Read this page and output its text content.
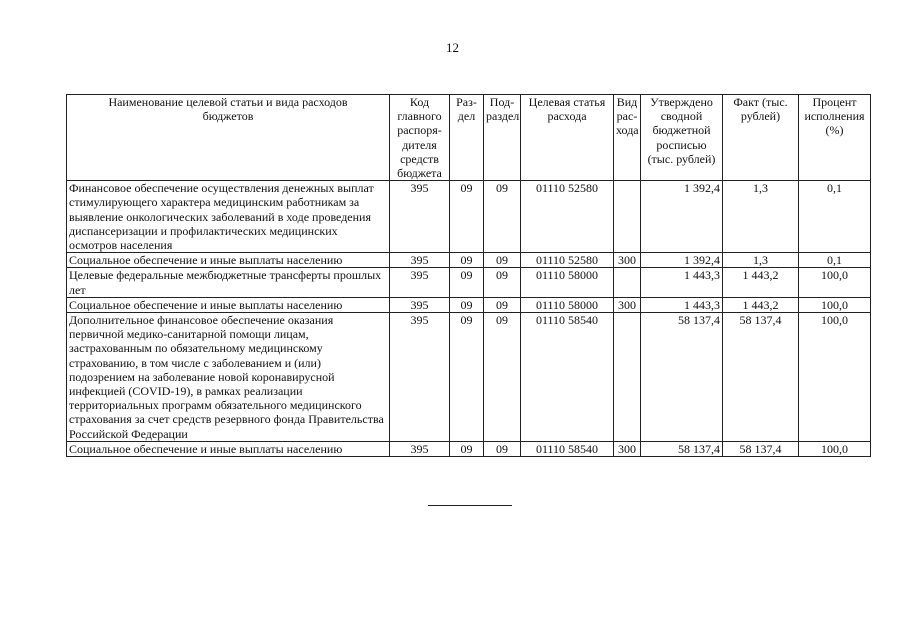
12
Наименование целевой статьи и вида расходов бюджетов	Код главного распоря-дителя средств бюджета	Раз-дел	Под-раздел	Целевая статья расхода	Вид рас-хода	Утверждено сводной бюджетной росписью (тыс. рублей)	Факт (тыс. рублей)	Процент исполнения (%)
Финансовое обеспечение осуществления денежных выплат стимулирующего характера медицинским работникам за выявление онкологических заболеваний в ходе проведения диспансеризации и профилактических медицинских осмотров населения	395	09	09	01110 52580		1 392,4	1,3	0,1
Социальное обеспечение и иные выплаты населению	395	09	09	01110 52580	300	1 392,4	1,3	0,1
Целевые федеральные межбюджетные трансферты прошлых лет	395	09	09	01110 58000		1 443,3	1 443,2	100,0
Социальное обеспечение и иные выплаты населению	395	09	09	01110 58000	300	1 443,3	1 443,2	100,0
Дополнительное финансовое обеспечение оказания первичной медико-санитарной помощи лицам, застрахованным по обязательному медицинскому страхованию, в том числе с заболеванием и (или) подозрением на заболевание новой коронавирусной инфекцией (COVID-19), в рамках реализации территориальных программ обязательного медицинского страхования за счет средств резервного фонда Правительства Российской Федерации	395	09	09	01110 58540		58 137,4	58 137,4	100,0
Социальное обеспечение и иные выплаты населению	395	09	09	01110 58540	300	58 137,4	58 137,4	100,0
